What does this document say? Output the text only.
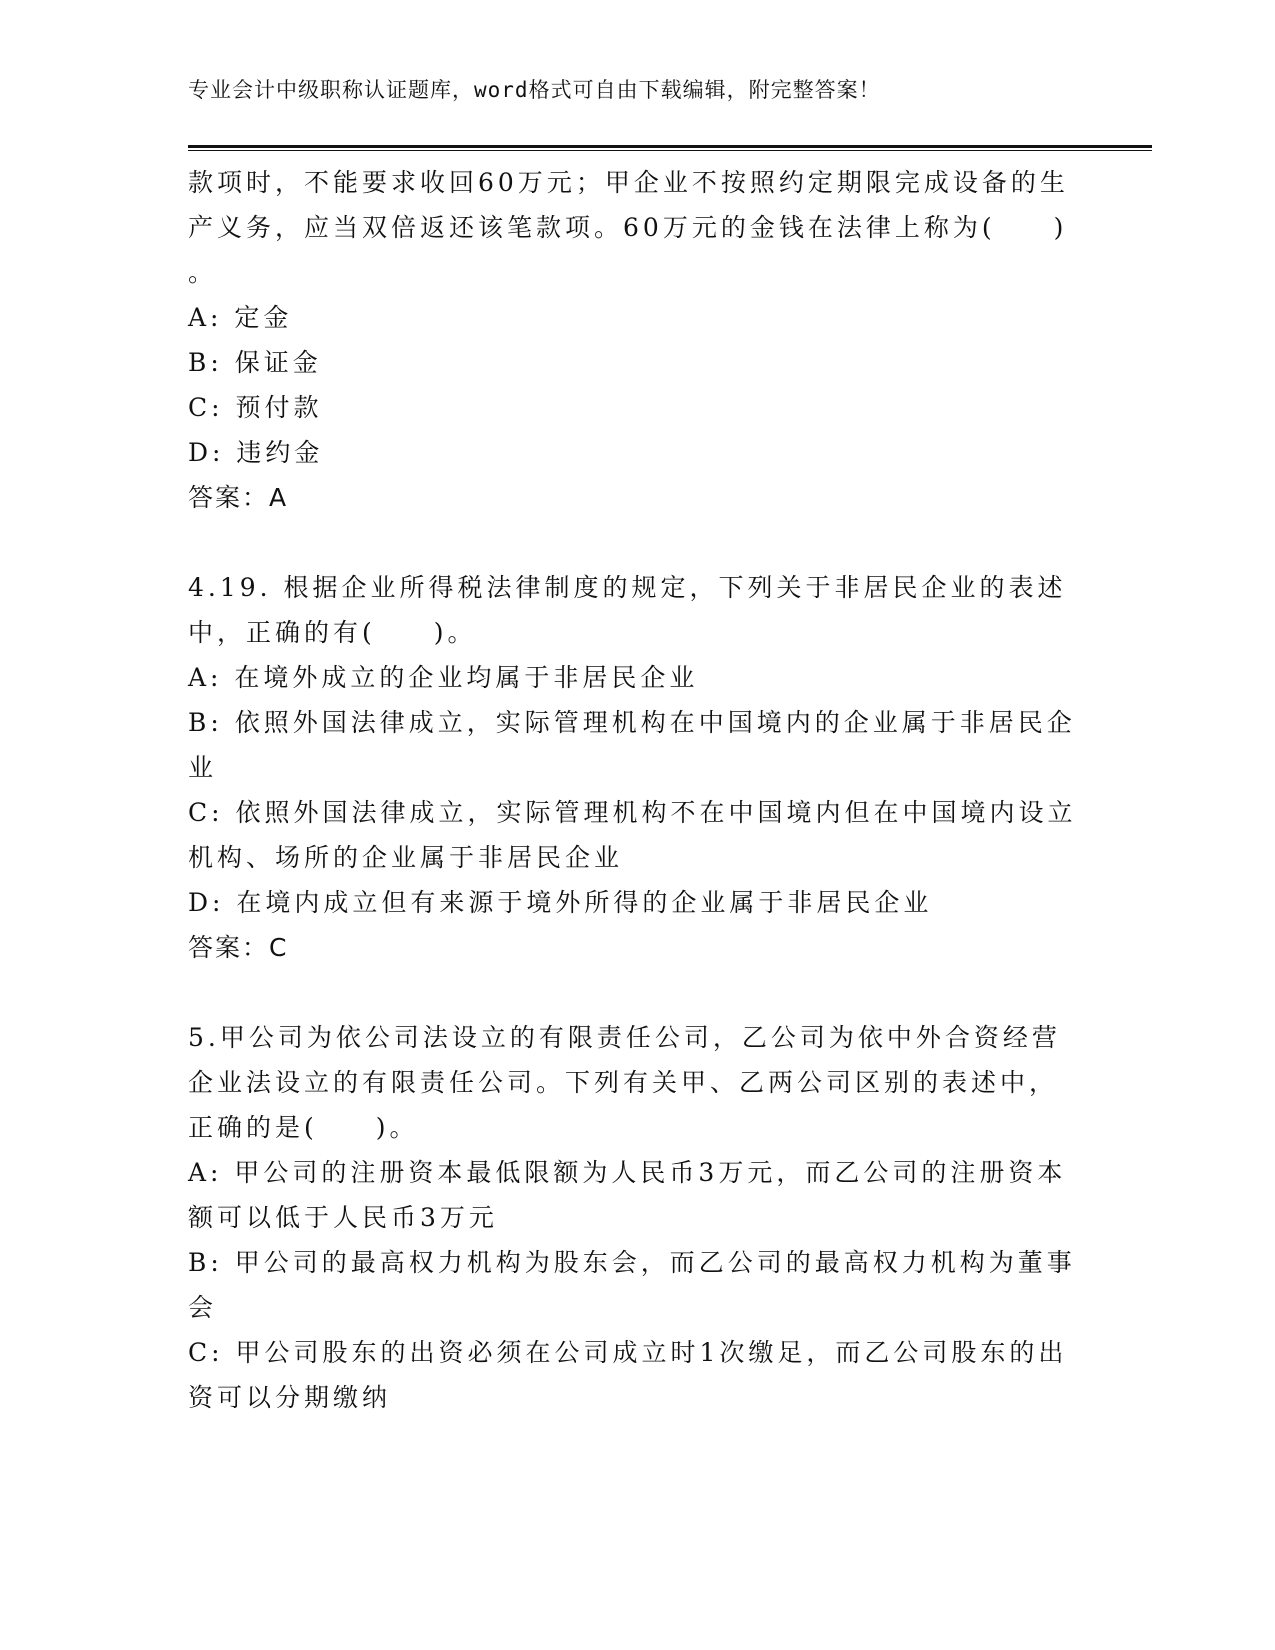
专业会计中级职称认证题库，word格式可自由下载编辑，附完整答案！
款项时，不能要求收回60万元；甲企业不按照约定期限完成设备的生
产义务，应当双倍返还该笔款项。60万元的金钱在法律上称为(　　)
。
A: 定金
B: 保证金
C: 预付款
D: 违约金
答案：A
4.19. 根据企业所得税法律制度的规定，下列关于非居民企业的表述
中，正确的有(　　)。
A: 在境外成立的企业均属于非居民企业
B: 依照外国法律成立，实际管理机构在中国境内的企业属于非居民企
业
C: 依照外国法律成立，实际管理机构不在中国境内但在中国境内设立
机构、场所的企业属于非居民企业
D: 在境内成立但有来源于境外所得的企业属于非居民企业
答案：C
5.甲公司为依公司法设立的有限责任公司，乙公司为依中外合资经营
企业法设立的有限责任公司。下列有关甲、乙两公司区别的表述中，
正确的是(　　)。
A: 甲公司的注册资本最低限额为人民币3万元，而乙公司的注册资本
额可以低于人民币3万元
B: 甲公司的最高权力机构为股东会，而乙公司的最高权力机构为董事
会
C: 甲公司股东的出资必须在公司成立时1次缴足，而乙公司股东的出
资可以分期缴纳
